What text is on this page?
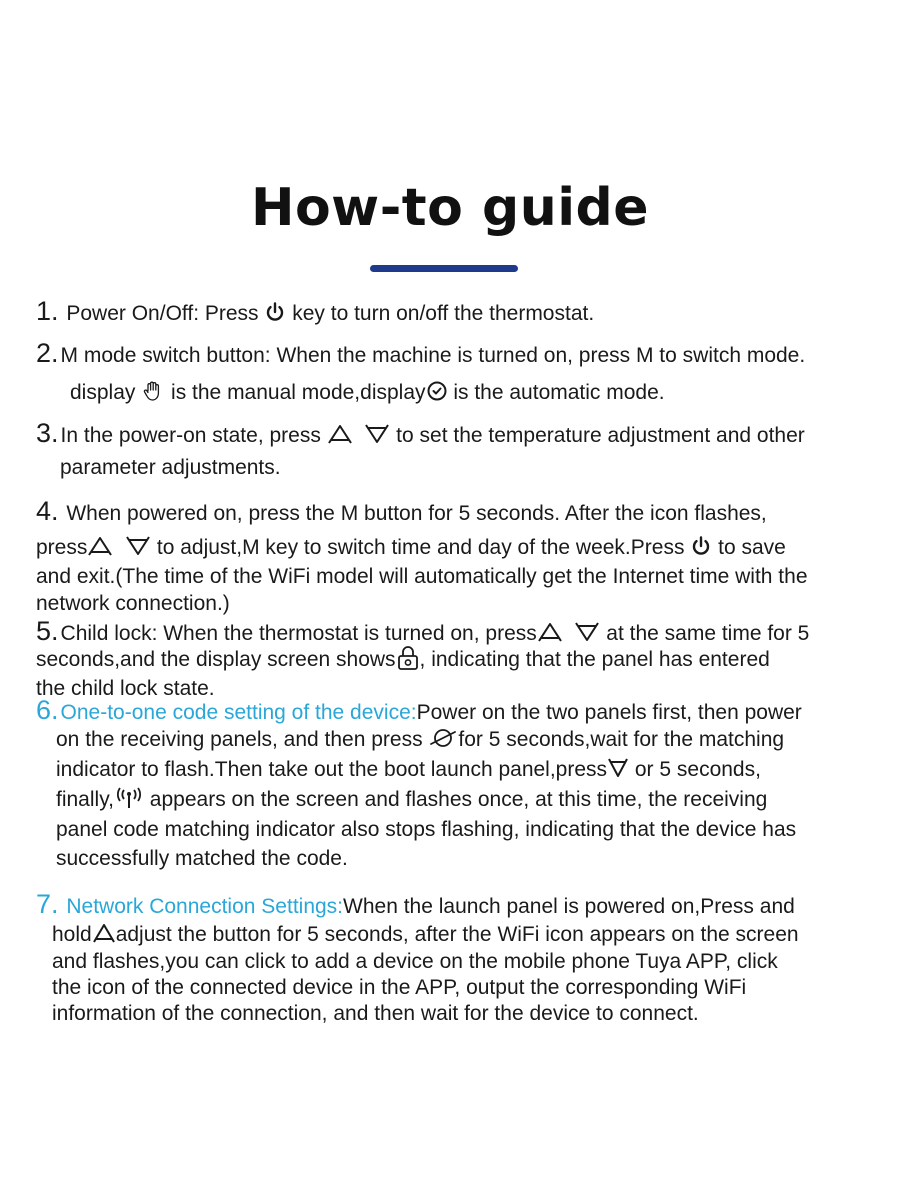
How-to guide
1. Power On/Off: Press
key to turn on/off the thermostat.
2.M mode switch button: When the machine is turned on, press M to switch mode.
display
is the manual mode,display
is the automatic mode.
3.In the power-on state, press
	to set the temperature adjustment and other
parameter adjustments.
4. When powered on, press the M button for 5 seconds. After the icon flashes,
press
	to adjust,M key to switch time and day of the week.Press
to save
and exit.(The time of the WiFi model will automatically get the Internet time with the
network connection.)
5.Child lock: When the thermostat is turned on, press
	at the same time for 5
seconds,and the display screen shows , indicating that the panel has entered
the child lock state.
6.One-to-one code setting of the device:Power on the two panels first, then power
on the receiving panels, and then press
for 5 seconds,wait for the matching
indicator to flash.Then take out the boot launch panel,press
or 5 seconds,
finally,
appears on the screen and flashes once, at this time, the receiving
panel code matching indicator also stops flashing, indicating that the device has
successfully matched the code.
7. Network Connection Settings:When the launch panel is powered on,Press and
hold adjust the button for 5 seconds, after the WiFi icon appears on the screen
and flashes,you can click to add a device on the mobile phone Tuya APP, click
the icon of the connected device in the APP, output the corresponding WiFi
information of the connection, and then wait for the device to connect.
